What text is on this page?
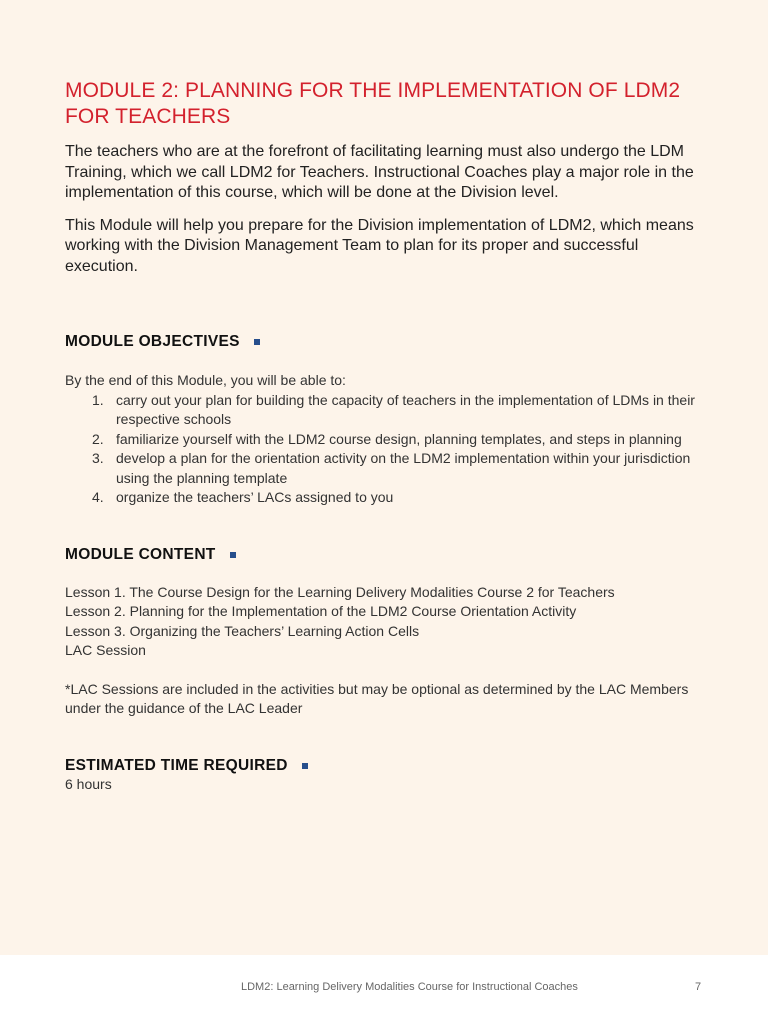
MODULE 2: PLANNING FOR THE IMPLEMENTATION OF LDM2 FOR TEACHERS

The teachers who are at the forefront of facilitating learning must also undergo the LDM Training, which we call LDM2 for Teachers. Instructional Coaches play a major role in the implementation of this course, which will be done at the Division level.

This Module will help you prepare for the Division implementation of LDM2, which means working with the Division Management Team to plan for its proper and successful execution.

MODULE OBJECTIVES
By the end of this Module, you will be able to:
1. carry out your plan for building the capacity of teachers in the implementation of LDMs in their respective schools
2. familiarize yourself with the LDM2 course design, planning templates, and steps in planning
3. develop a plan for the orientation activity on the LDM2 implementation within your jurisdiction using the planning template
4. organize the teachers’ LACs assigned to you
MODULE CONTENT
Lesson 1. The Course Design for the Learning Delivery Modalities Course 2 for Teachers
Lesson 2. Planning for the Implementation of the LDM2 Course Orientation Activity
Lesson 3. Organizing the Teachers’ Learning Action Cells
LAC Session
*LAC Sessions are included in the activities but may be optional as determined by the LAC Members under the guidance of the LAC Leader
ESTIMATED TIME REQUIRED
6 hours
LDM2: Learning Delivery Modalities Course for Instructional Coaches	7
